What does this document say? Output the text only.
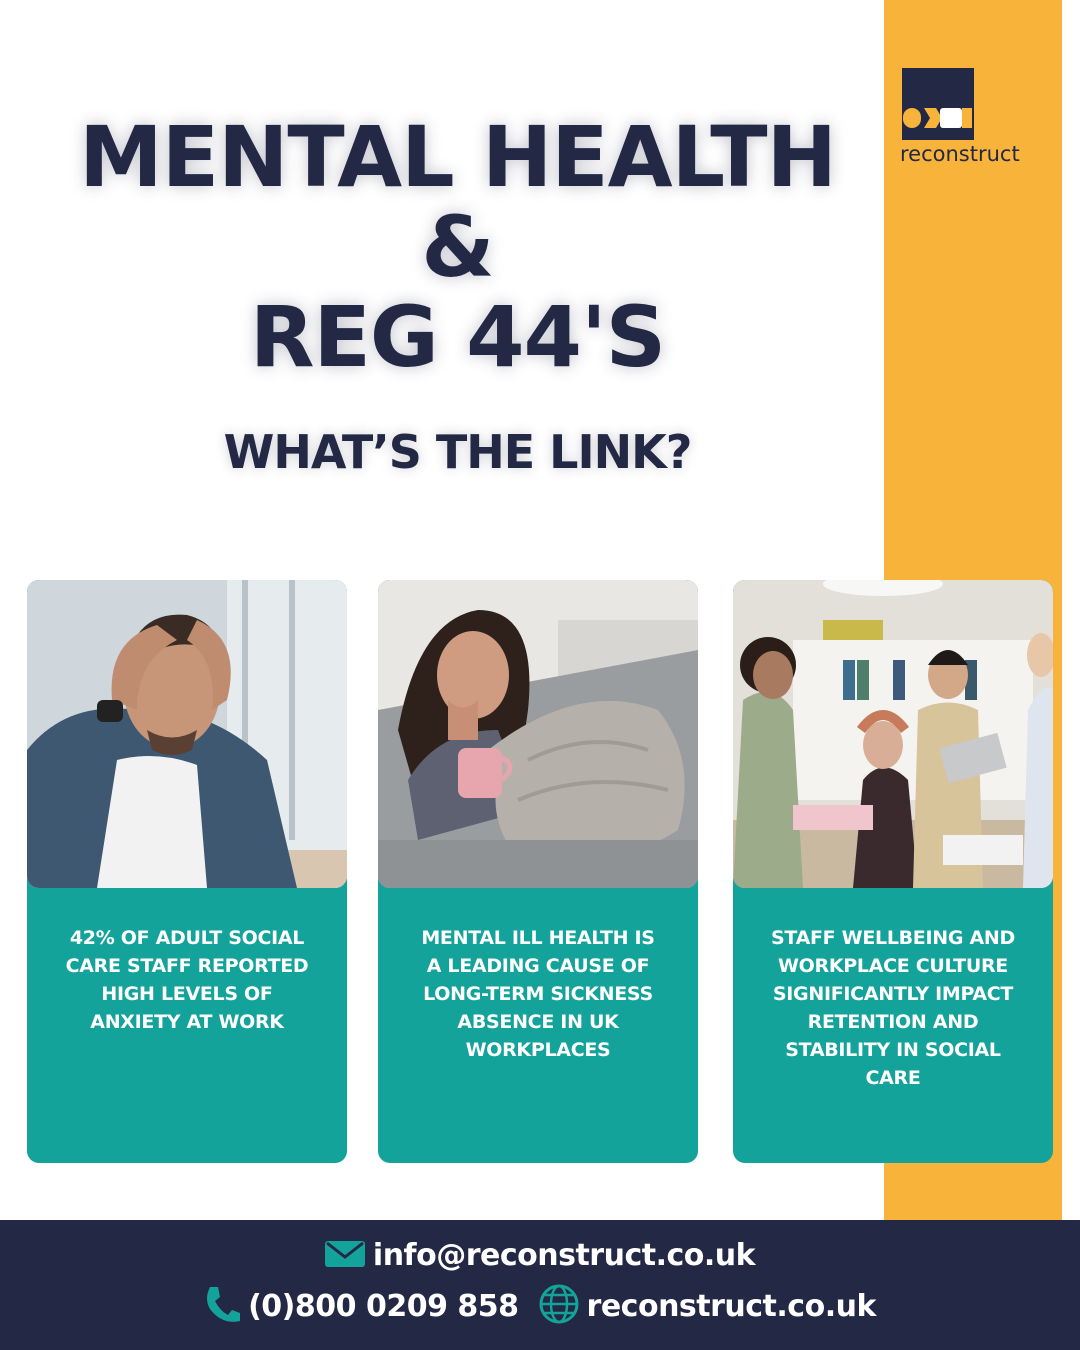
reconstruct
MENTAL HEALTH
&
REG 44'S
WHAT’S THE LINK?
42% OF ADULT SOCIAL CARE STAFF REPORTED HIGH LEVELS OF ANXIETY AT WORK
MENTAL ILL HEALTH IS A LEADING CAUSE OF LONG-TERM SICKNESS ABSENCE IN UK WORKPLACES
STAFF WELLBEING AND WORKPLACE CULTURE SIGNIFICANTLY IMPACT RETENTION AND STABILITY IN SOCIAL CARE
info@reconstruct.co.uk
(0)800 0209 858 reconstruct.co.uk
